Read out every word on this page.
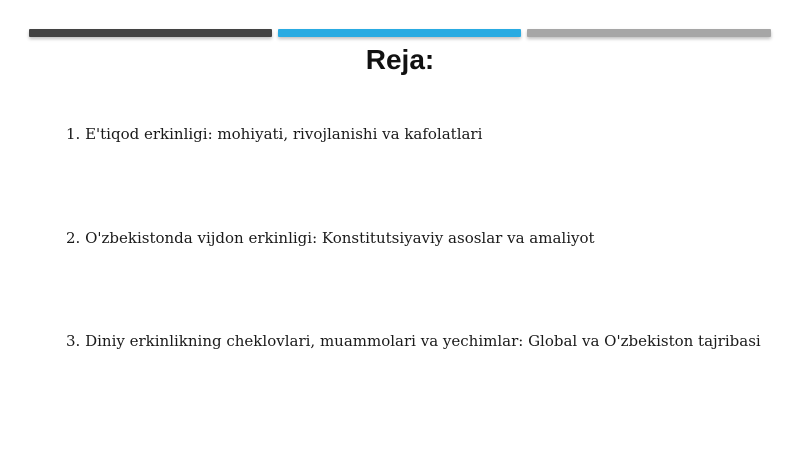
Reja:
1. E'tiqod erkinligi: mohiyati, rivojlanishi va kafolatlari
2. O'zbekistonda vijdon erkinligi: Konstitutsiyaviy asoslar va amaliyot
3. Diniy erkinlikning cheklovlari, muammolari va yechimlar: Global va O'zbekiston tajribasi
